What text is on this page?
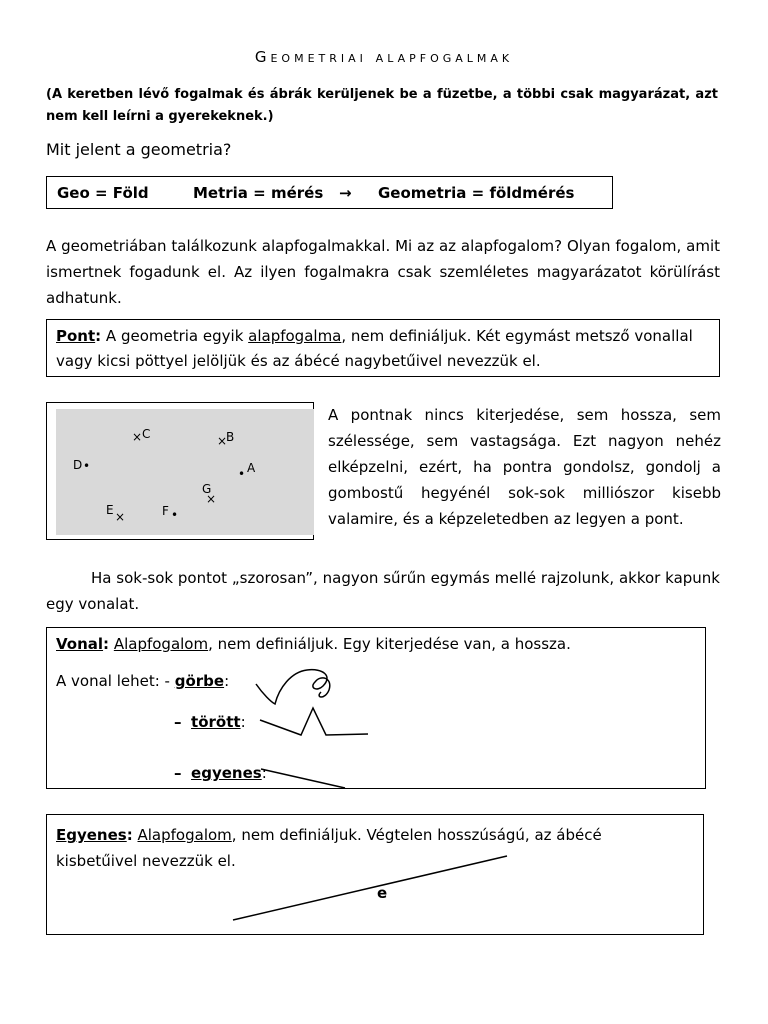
Geometriai alapfogalmak
(A keretben lévő fogalmak és ábrák kerüljenek be a füzetbe, a többi csak magyarázat, azt nem kell leírni a gyerekeknek.)
Mit jelent a geometria?
Geo = Föld	Metria = mérés → Geometria = földmérés
A geometriában találkozunk alapfogalmakkal. Mi az az alapfogalom? Olyan fogalom, amit ismertnek fogadunk el. Az ilyen fogalmakra csak szemléletes magyarázatot körülírást adhatunk.
Pont: A geometria egyik alapfogalma, nem definiáljuk. Két egymást metsző vonallal vagy kicsi pöttyel jelöljük és az ábécé nagybetűivel nevezzük el.
× C	×
B
D •
• A
G
×
E ×	F •
A pontnak nincs kiterjedése, sem hossza, sem szélessége, sem vastagsága. Ezt nagyon nehéz elképzelni, ezért, ha pontra gondolsz, gondolj a gombostű hegyénél sok-sok milliószor kisebb valamire, és a képzeletedben az legyen a pont.
Ha sok-sok pontot „szorosan”, nagyon sűrűn egymás mellé rajzolunk, akkor kapunk egy vonalat.
Vonal: Alapfogalom, nem definiáljuk. Egy kiterjedése van, a hossza.
A vonal lehet: - görbe:
– törött:
– egyenes:
Egyenes: Alapfogalom, nem definiáljuk. Végtelen hosszúságú, az ábécé kisbetűivel nevezzük el.
e
